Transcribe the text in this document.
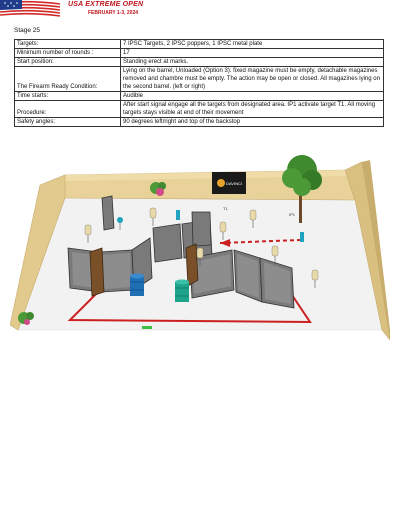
USA EXTREME OPEN
FEBRUARY 1-3, 2024
Stage 25
Targets:	7 IPSC Targets, 2 IPSC poppers, 1 IPSC metal plate
Minimum number of rounds :	17
Start position:	Standing erect at marks.
The Firearm Ready Condition:	Lying on the barrel, Unloaded (Option 3): fixed magazine must be empty, detachable magazines removed and chambre must be empty. The action may be open or closed. All magazines lying on the second barrel. (left or right)
Time starts:	Audible
Procedure:	After start signal engage all the targets from designated area. IP1 activate target T1. All moving targets stays visible at end of their movement
Safety angles:	90 degrees left/right and top of the backstop
DAVINCI
T1
IP1
